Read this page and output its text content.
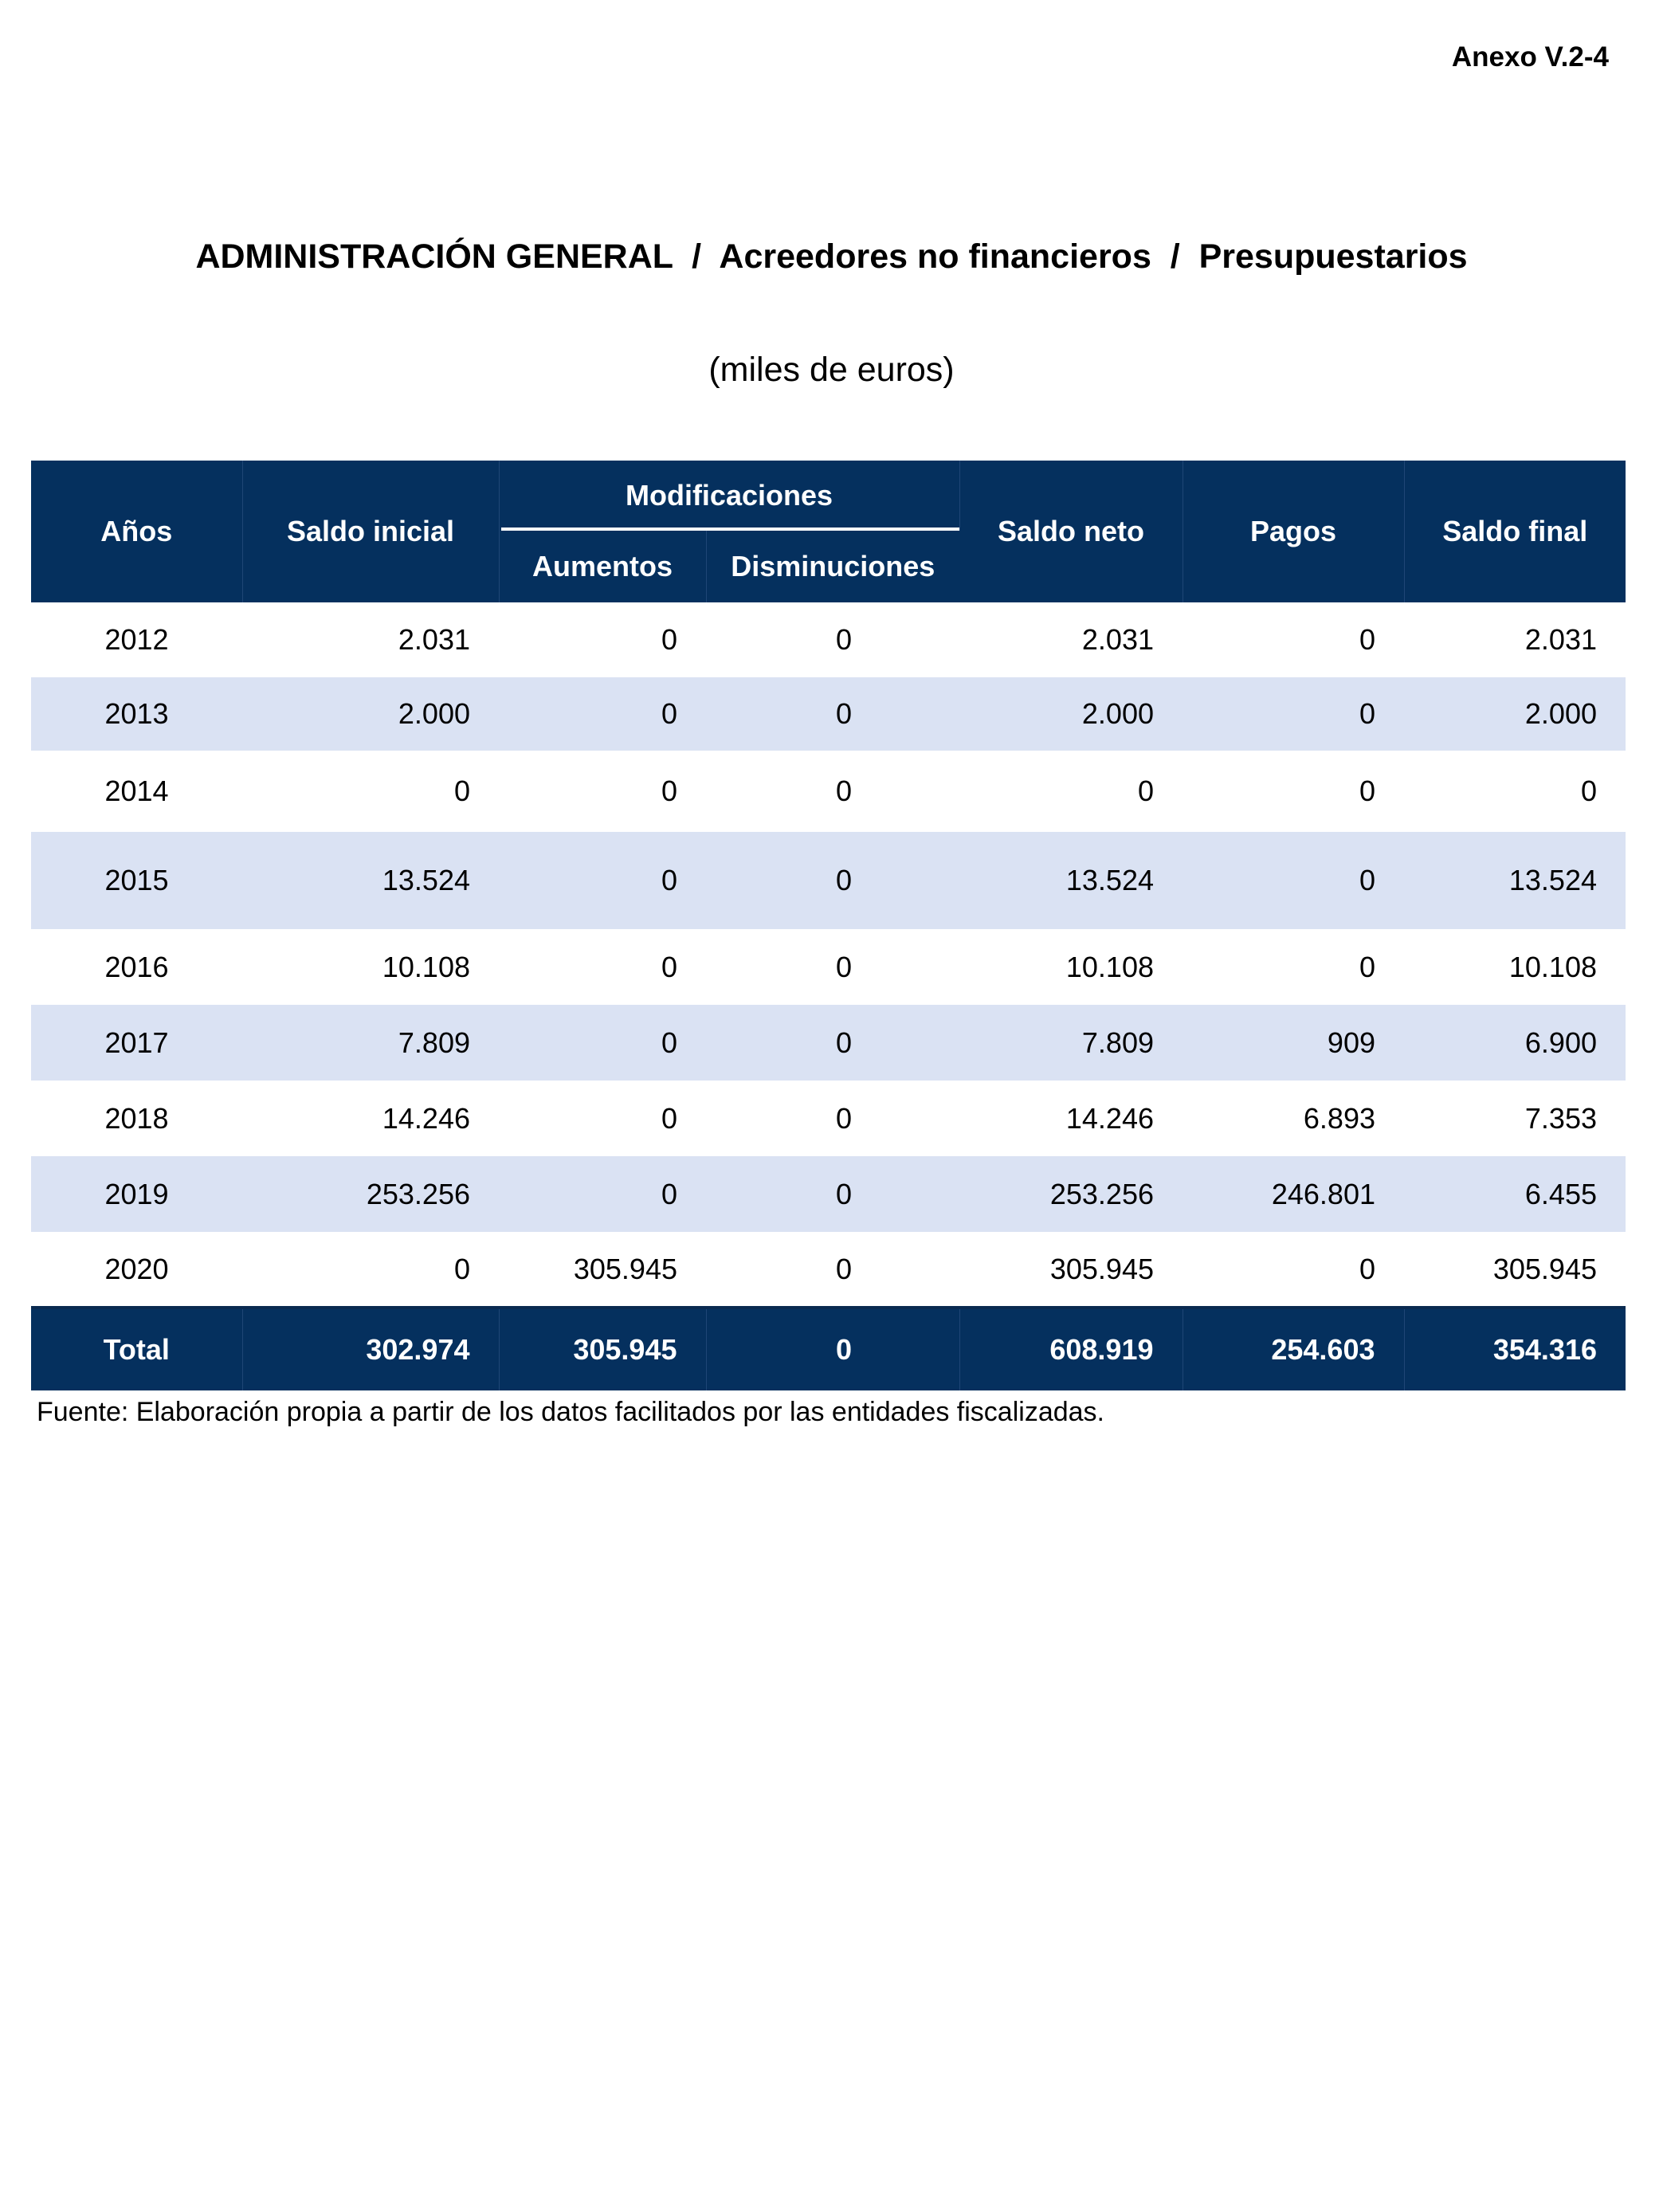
Anexo V.2-4
ADMINISTRACIÓN GENERAL  /  Acreedores no financieros  /  Presupuestarios
(miles de euros)
Años	Saldo inicial	Modificaciones		Saldo neto	Pagos	Saldo final
		Aumentos	Disminuciones			
2012	2.031	0	0	2.031	0	2.031
2013	2.000	0	0	2.000	0	2.000
2014	0	0	0	0	0	0
2015	13.524	0	0	13.524	0	13.524
2016	10.108	0	0	10.108	0	10.108
2017	7.809	0	0	7.809	909	6.900
2018	14.246	0	0	14.246	6.893	7.353
2019	253.256	0	0	253.256	246.801	6.455
2020	0	305.945	0	305.945	0	305.945
Total	302.974	305.945	0	608.919	254.603	354.316
Fuente: Elaboración propia a partir de los datos facilitados por las entidades fiscalizadas.
